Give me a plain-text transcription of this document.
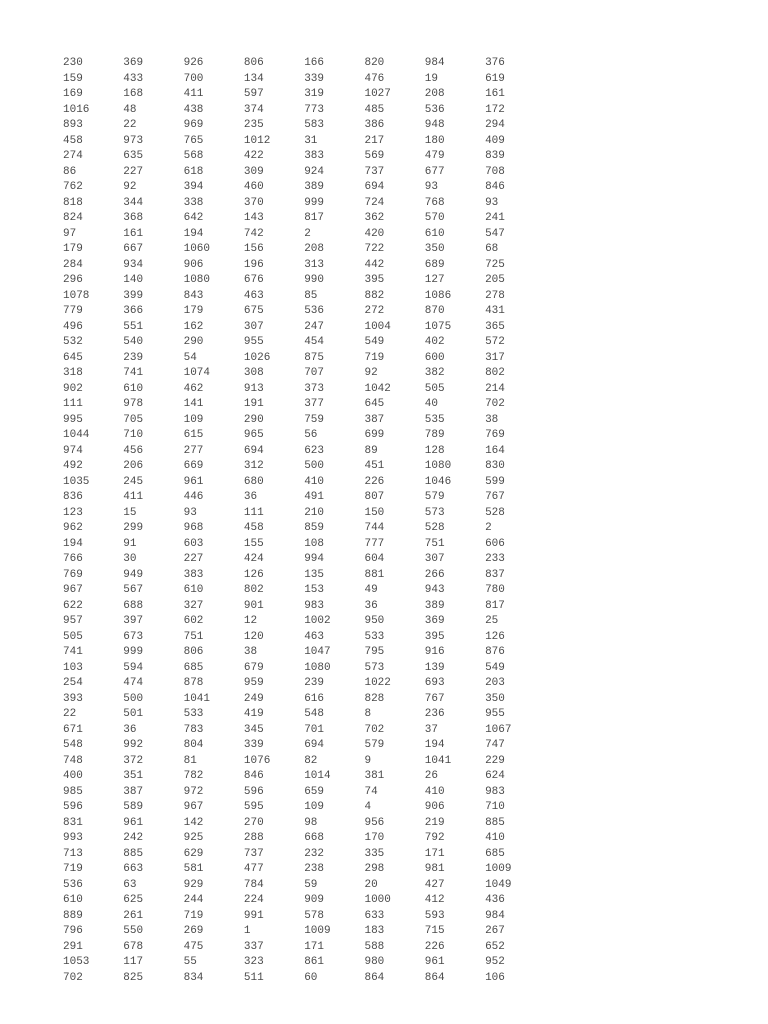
230	369	926	806	166	820	984	376
159	433	700	134	339	476	19	619
169	168	411	597	319	1027	208	161
1016	48	438	374	773	485	536	172
893	22	969	235	583	386	948	294
458	973	765	1012	31	217	180	409
274	635	568	422	383	569	479	839
86	227	618	309	924	737	677	708
762	92	394	460	389	694	93	846
818	344	338	370	999	724	768	93
824	368	642	143	817	362	570	241
97	161	194	742	2	420	610	547
179	667	1060	156	208	722	350	68
284	934	906	196	313	442	689	725
296	140	1080	676	990	395	127	205
1078	399	843	463	85	882	1086	278
779	366	179	675	536	272	870	431
496	551	162	307	247	1004	1075	365
532	540	290	955	454	549	402	572
645	239	54	1026	875	719	600	317
318	741	1074	308	707	92	382	802
902	610	462	913	373	1042	505	214
111	978	141	191	377	645	40	702
995	705	109	290	759	387	535	38
1044	710	615	965	56	699	789	769
974	456	277	694	623	89	128	164
492	206	669	312	500	451	1080	830
1035	245	961	680	410	226	1046	599
836	411	446	36	491	807	579	767
123	15	93	111	210	150	573	528
962	299	968	458	859	744	528	2
194	91	603	155	108	777	751	606
766	30	227	424	994	604	307	233
769	949	383	126	135	881	266	837
967	567	610	802	153	49	943	780
622	688	327	901	983	36	389	817
957	397	602	12	1002	950	369	25
505	673	751	120	463	533	395	126
741	999	806	38	1047	795	916	876
103	594	685	679	1080	573	139	549
254	474	878	959	239	1022	693	203
393	500	1041	249	616	828	767	350
22	501	533	419	548	8	236	955
671	36	783	345	701	702	37	1067
548	992	804	339	694	579	194	747
748	372	81	1076	82	9	1041	229
400	351	782	846	1014	381	26	624
985	387	972	596	659	74	410	983
596	589	967	595	109	4	906	710
831	961	142	270	98	956	219	885
993	242	925	288	668	170	792	410
713	885	629	737	232	335	171	685
719	663	581	477	238	298	981	1009
536	63	929	784	59	20	427	1049
610	625	244	224	909	1000	412	436
889	261	719	991	578	633	593	984
796	550	269	1	1009	183	715	267
291	678	475	337	171	588	226	652
1053	117	55	323	861	980	961	952
702	825	834	511	60	864	864	106
